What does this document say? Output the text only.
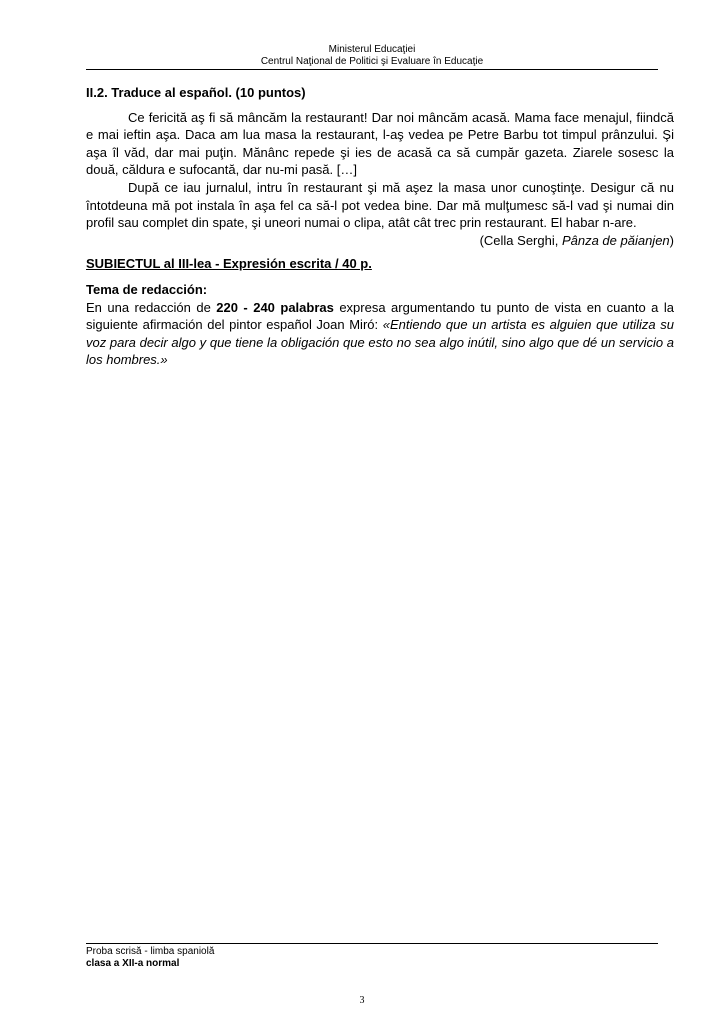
Ministerul Educaţiei
Centrul Naţional de Politici şi Evaluare în Educaţie
II.2. Traduce al español. (10 puntos)

Ce fericită aş fi să mâncăm la restaurant! Dar noi mâncăm acasă. Mama face menajul, fiindcă e mai ieftin aşa. Daca am lua masa la restaurant, l-aş vedea pe Petre Barbu tot timpul prânzului. Şi aşa îl văd, dar mai puţin. Mănânc repede şi ies de acasă ca să cumpăr gazeta. Ziarele sosesc la două, căldura e sufocantă, dar nu-mi pasă. […]

După ce iau jurnalul, intru în restaurant şi mă aşez la masa unor cunoştinţe. Desigur că nu întotdeuna mă pot instala în aşa fel ca să-l pot vedea bine. Dar mă mulţumesc să-l vad şi numai din profil sau complet din spate, şi uneori numai o clipa, atât cât trec prin restaurant. El habar n-are.

(Cella Serghi, Pânza de păianjen)

SUBIECTUL al III-lea - Expresión escrita / 40 p.
Tema de redacción:

En una redacción de 220 - 240 palabras expresa argumentando tu punto de vista en cuanto a la siguiente afirmación del pintor español Joan Miró: «Entiendo que un artista es alguien que utiliza su voz para decir algo y que tiene la obligación que esto no sea algo inútil, sino algo que dé un servicio a los hombres.»

Proba scrisă - limba spaniolă
clasa a XII-a normal
3
